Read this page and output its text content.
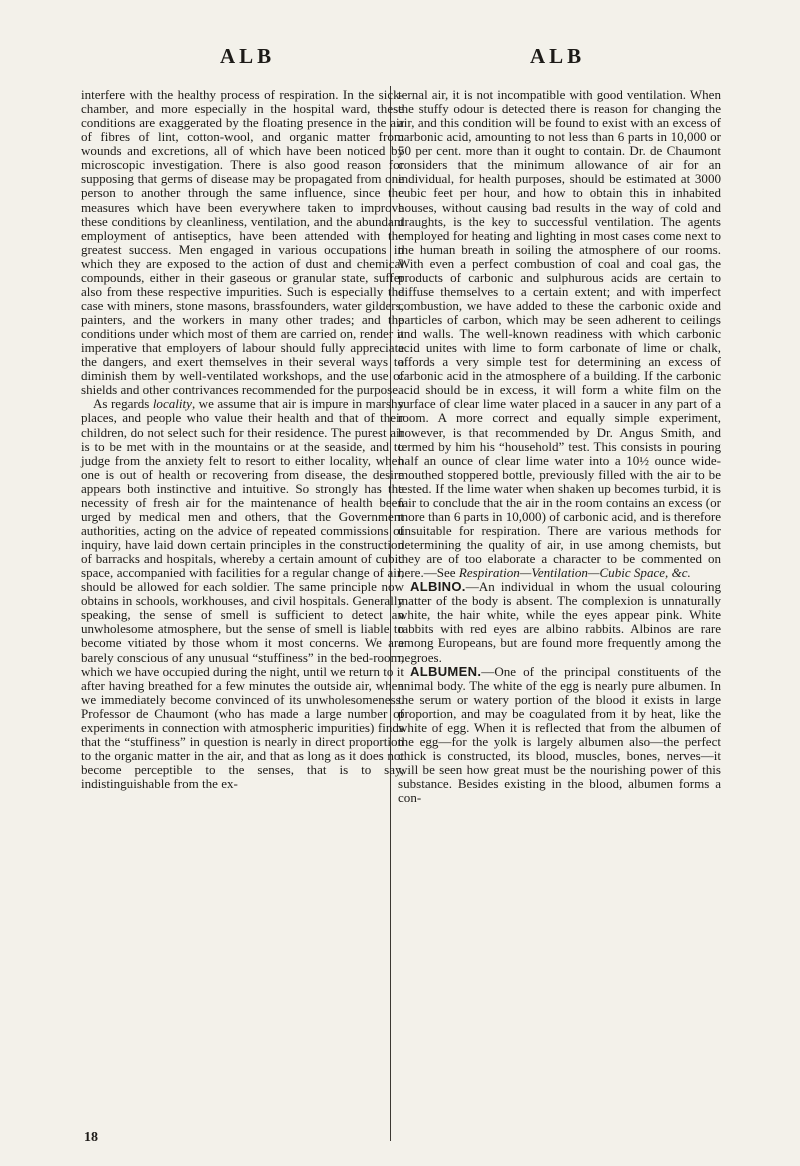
ALB	ALB

interfere with the healthy process of respiration. In the sick-chamber, and more especially in the hospital ward, these conditions are exaggerated by the floating presence in the air of fibres of lint, cotton-wool, and organic matter from wounds and excretions, all of which have been noticed by microscopic investigation. There is also good reason for supposing that germs of disease may be propagated from one person to another through the same influence, since the measures which have been everywhere taken to improve these conditions by cleanliness, ventilation, and the abundant employment of antiseptics, have been attended with the greatest success. Men engaged in various occupations in which they are exposed to the action of dust and chemical compounds, either in their gaseous or granular state, suffer also from these respective impurities. Such is especially the case with miners, stone masons, brassfounders, water gilders, painters, and the workers in many other trades; and the conditions under which most of them are carried on, render it imperative that employers of labour should fully appreciate the dangers, and exert themselves in their several ways to diminish them by well-ventilated workshops, and the use of shields and other contrivances recommended for the purpose.

As regards locality, we assume that air is impure in marshy places, and people who value their health and that of their children, do not select such for their residence. The purest air is to be met with in the mountains or at the seaside, and to judge from the anxiety felt to resort to either locality, when one is out of health or recovering from disease, the desire appears both instinctive and intuitive. So strongly has the necessity of fresh air for the maintenance of health been urged by medical men and others, that the Government authorities, acting on the advice of repeated commissions of inquiry, have laid down certain principles in the construction of barracks and hospitals, whereby a certain amount of cubic space, accompanied with facilities for a regular change of air, should be allowed for each soldier. The same principle now obtains in schools, workhouses, and civil hospitals. Generally speaking, the sense of smell is sufficient to detect an unwholesome atmosphere, but the sense of smell is liable to become vitiated by those whom it most concerns. We are barely conscious of any unusual “stuffiness” in the bed-room, which we have occupied during the night, until we return to it after having breathed for a few minutes the outside air, when we immediately become convinced of its unwholesomeness. Professor de Chaumont (who has made a large number of experiments in connection with atmospheric impurities) finds that the “stuffiness” in question is nearly in direct proportion to the organic matter in the air, and that as long as it does not become perceptible to the senses, that is to say, indistinguishable from the ex-

ternal air, it is not incompatible with good ventilation. When the stuffy odour is detected there is reason for changing the air, and this condition will be found to exist with an excess of carbonic acid, amounting to not less than 6 parts in 10,000 or 50 per cent. more than it ought to contain. Dr. de Chaumont considers that the minimum allowance of air for an individual, for health purposes, should be estimated at 3000 cubic feet per hour, and how to obtain this in inhabited houses, without causing bad results in the way of cold and draughts, is the key to successful ventilation. The agents employed for heating and lighting in most cases come next to the human breath in soiling the atmosphere of our rooms. With even a perfect combustion of coal and coal gas, the products of carbonic and sulphurous acids are certain to diffuse themselves to a certain extent; and with imperfect combustion, we have added to these the carbonic oxide and particles of carbon, which may be seen adherent to ceilings and walls. The well-known readiness with which carbonic acid unites with lime to form carbonate of lime or chalk, affords a very simple test for determining an excess of carbonic acid in the atmosphere of a building. If the carbonic acid should be in excess, it will form a white film on the surface of clear lime water placed in a saucer in any part of a room. A more correct and equally simple experiment, however, is that recommended by Dr. Angus Smith, and termed by him his “household” test. This consists in pouring half an ounce of clear lime water into a 10½ ounce wide-mouthed stoppered bottle, previously filled with the air to be tested. If the lime water when shaken up becomes turbid, it is fair to conclude that the air in the room contains an excess (or more than 6 parts in 10,000) of carbonic acid, and is therefore unsuitable for respiration. There are various methods for determining the quality of air, in use among chemists, but they are of too elaborate a character to be commented on here.—See Respiration—Ventilation—Cubic Space, &c.

ALBINO.—An individual in whom the usual colouring matter of the body is absent. The complexion is unnaturally white, the hair white, while the eyes appear pink. White rabbits with red eyes are albino rabbits. Albinos are rare among Europeans, but are found more frequently among the negroes.

ALBUMEN.—One of the principal constituents of the animal body. The white of the egg is nearly pure albumen. In the serum or watery portion of the blood it exists in large proportion, and may be coagulated from it by heat, like the white of egg. When it is reflected that from the albumen of the egg—for the yolk is largely albumen also—the perfect chick is constructed, its blood, muscles, bones, nerves—it will be seen how great must be the nourishing power of this substance. Besides existing in the blood, albumen forms a con-

18
